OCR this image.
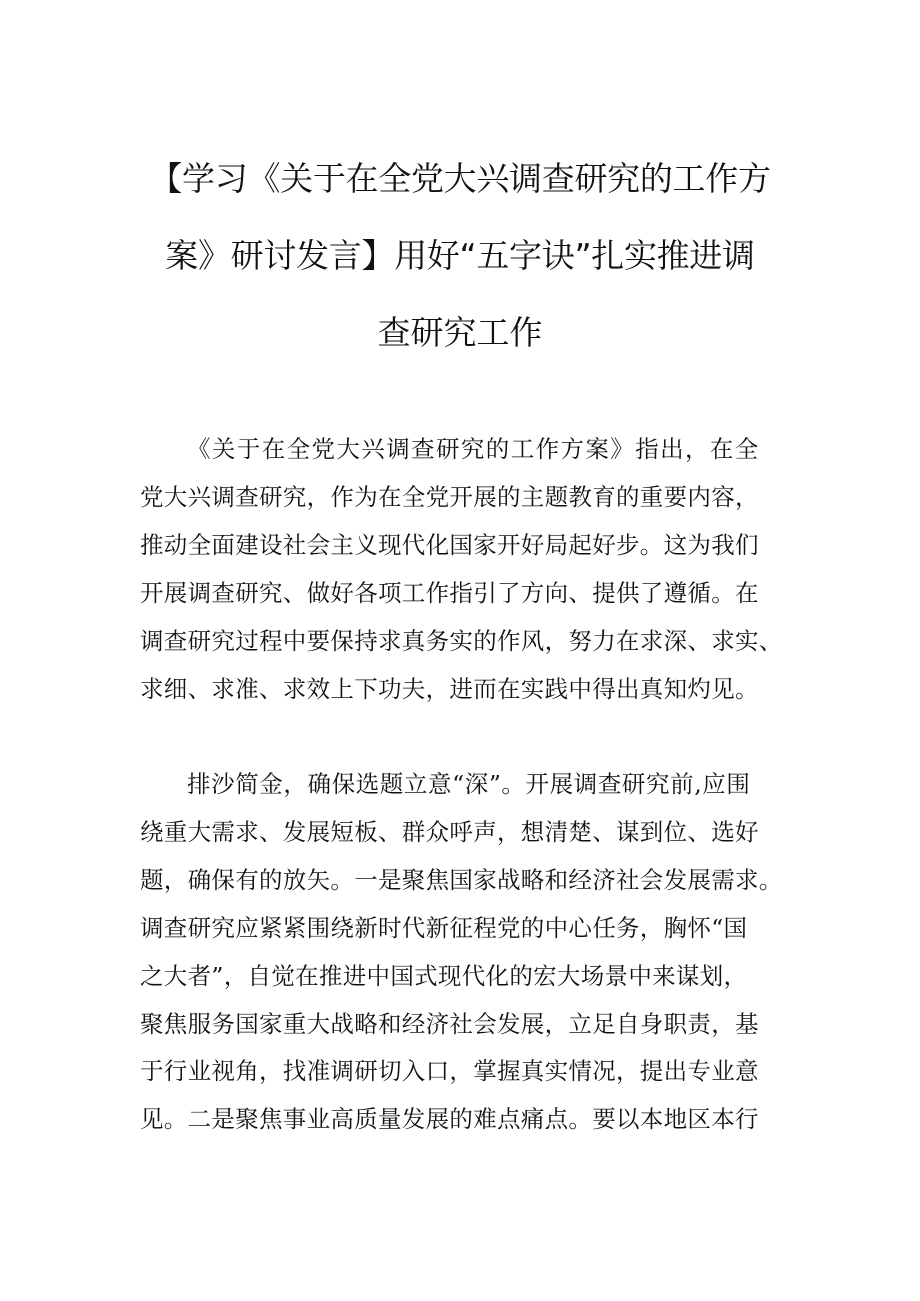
【学习《关于在全党大兴调查研究的工作方
案》研讨发言】用好“五字诀”扎实推进调
查研究工作
《关于在全党大兴调查研究的工作方案》指出，在全
党大兴调查研究，作为在全党开展的主题教育的重要内容，
推动全面建设社会主义现代化国家开好局起好步。这为我们
开展调查研究、做好各项工作指引了方向、提供了遵循。在
调查研究过程中要保持求真务实的作风，努力在求深、求实、
求细、求准、求效上下功夫，进而在实践中得出真知灼见。
排沙简金，确保选题立意“深”。开展调查研究前,应围
绕重大需求、发展短板、群众呼声，想清楚、谋到位、选好
题，确保有的放矢。一是聚焦国家战略和经济社会发展需求。
调查研究应紧紧围绕新时代新征程党的中心任务，胸怀“国
之大者”，自觉在推进中国式现代化的宏大场景中来谋划，
聚焦服务国家重大战略和经济社会发展，立足自身职责，基
于行业视角，找准调研切入口，掌握真实情况，提出专业意
见。二是聚焦事业高质量发展的难点痛点。要以本地区本行
